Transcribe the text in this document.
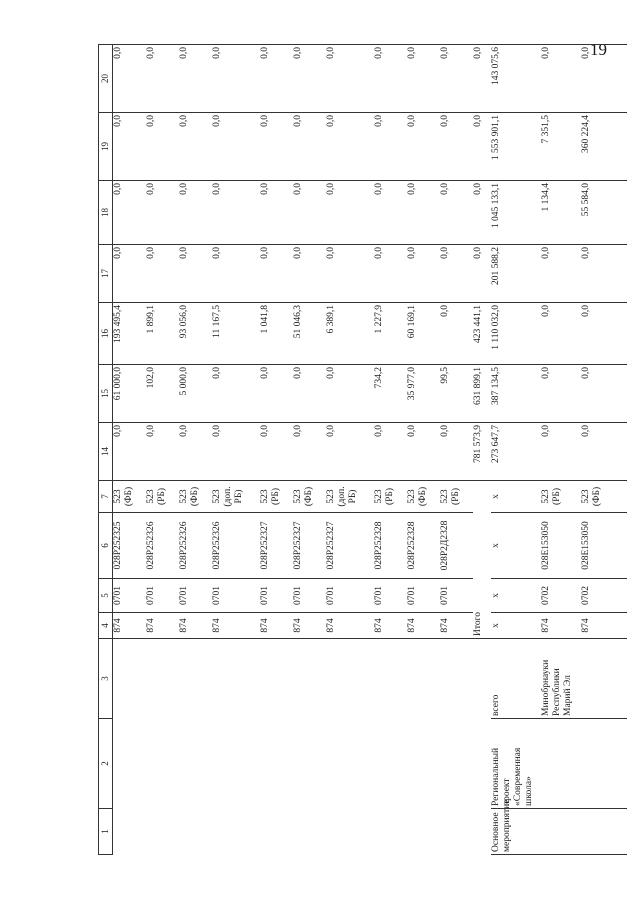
19
1	2	3	4	5	6	7	14	15	16	17	18	19	20
			874	0701	028P252325	523 (ФБ)	0,0	61 000,0	193 495,4	0,0	0,0	0,0	0,0
			874	0701	028P252326	523 (РБ)	0,0	102,0	1 899,1	0,0	0,0	0,0	0,0
			874	0701	028P252326	523 (ФБ)	0,0	5 000,0	93 056,0	0,0	0,0	0,0	0,0
			874	0701	028P252326	523 (доп. РБ)	0,0	0,0	11 167,5	0,0	0,0	0,0	0,0
			874	0701	028P252327	523 (РБ)	0,0	0,0	1 041,8	0,0	0,0	0,0	0,0
			874	0701	028P252327	523 (ФБ)	0,0	0,0	51 046,3	0,0	0,0	0,0	0,0
			874	0701	028P252327	523 (доп. РБ)	0,0	0,0	6 389,1	0,0	0,0	0,0	0,0
			874	0701	028P252328	523 (РБ)	0,0	734,2	1 227,9	0,0	0,0	0,0	0,0
			874	0701	028P252328	523 (ФБ)	0,0	35 977,0	60 169,1	0,0	0,0	0,0	0,0
			874	0701	028P2Д2328	523 (РБ)	0,0	99,5	0,0	0,0	0,0	0,0	0,0
			Итого				781 573,9	631 899,1	423 441,1	0,0	0,0	0,0	0,0
Основное мероприятие	Региональный проект «Современная школа»	всего	x	x	x	x	273 647,7	387 134,5	1 110 032,0	201 588,2	1 045 133,1	1 553 901,1	143 075,6
		Минобрнауки Республики Марий Эл	874	0702	028E153050	523 (РБ)	0,0	0,0	0,0	0,0	1 134,4	7 351,5	0,0
			874	0702	028E153050	523 (ФБ)	0,0	0,0	0,0	0,0	55 584,0	360 224,4	0,0
